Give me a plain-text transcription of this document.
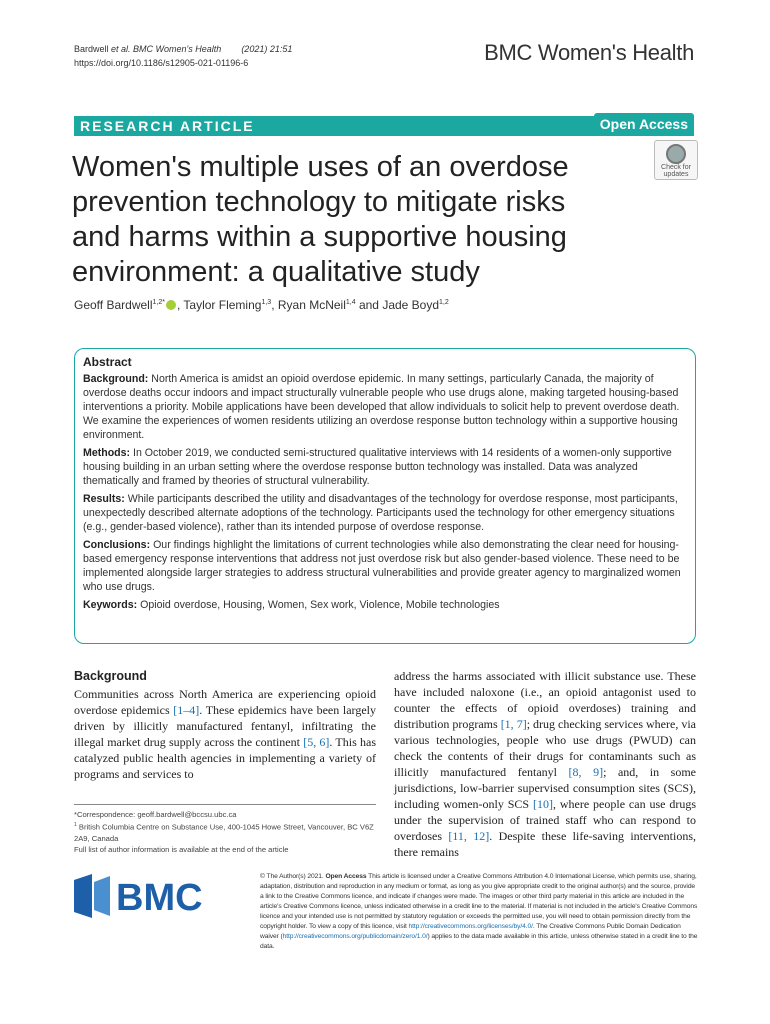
Bardwell et al. BMC Women's Health (2021) 21:51
https://doi.org/10.1186/s12905-021-01196-6	BMC Women's Health
RESEARCH ARTICLE	Open Access
Check for
updates
Women's multiple uses of an overdose prevention technology to mitigate risks and harms within a supportive housing environment: a qualitative study
Geoff Bardwell$^{1,2*}$ , Taylor Fleming$^{1,3}$, Ryan McNeil$^{1,4}$ and Jade Boyd$^{1,2}$
Abstract

Background: North America is amidst an opioid overdose epidemic. In many settings, particularly Canada, the majority of overdose deaths occur indoors and impact structurally vulnerable people who use drugs alone, making targeted housing-based interventions a priority. Mobile applications have been developed that allow individuals to solicit help to prevent overdose death. We examine the experiences of women residents utilizing an overdose response button technology within a supportive housing environment.

Methods: In October 2019, we conducted semi-structured qualitative interviews with 14 residents of a women-only supportive housing building in an urban setting where the overdose response button technology was installed. Data was analyzed thematically and framed by theories of structural vulnerability.

Results: While participants described the utility and disadvantages of the technology for overdose response, most participants, unexpectedly described alternate adoptions of the technology. Participants used the technology for other emergency situations (e.g., gender-based violence), rather than its intended purpose of overdose response.

Conclusions: Our findings highlight the limitations of current technologies while also demonstrating the clear need for housing-based emergency response interventions that address not just overdose risk but also gender-based violence. These need to be implemented alongside larger strategies to address structural vulnerabilities and provide greater agency to marginalized women who use drugs.

Keywords: Opioid overdose, Housing, Women, Sex work, Violence, Mobile technologies

Background

Communities across North America are experiencing opioid overdose epidemics [1–4]. These epidemics have been largely driven by illicitly manufactured fentanyl, infiltrating the illegal market drug supply across the continent [5, 6]. This has catalyzed public health agencies in implementing a variety of programs and services to

address the harms associated with illicit substance use. These have included naloxone (i.e., an opioid antagonist used to counter the effects of opioid overdoses) training and distribution programs [1, 7]; drug checking services where, via various technologies, people who use drugs (PWUD) can check the contents of their drugs for contaminants such as illicitly manufactured fentanyl [8, 9]; and, in some jurisdictions, low-barrier supervised consumption sites (SCS), including women-only SCS [10], where people can use drugs under the supervision of trained staff who can respond to overdoses [11, 12]. Despite these life-saving interventions, there remains

*Correspondence: geoff.bardwell@bccsu.ubc.ca
$^1$ British Columbia Centre on Substance Use, 400-1045 Howe Street, Vancouver, BC V6Z 2A9, Canada
Full list of author information is available at the end of the article
BMC
© The Author(s) 2021. Open Access This article is licensed under a Creative Commons Attribution 4.0 International License, which permits use, sharing, adaptation, distribution and reproduction in any medium or format, as long as you give appropriate credit to the original author(s) and the source, provide a link to the Creative Commons licence, and indicate if changes were made. The images or other third party material in this article are included in the article's Creative Commons licence, unless indicated otherwise in a credit line to the material. If material is not included in the article's Creative Commons licence and your intended use is not permitted by statutory regulation or exceeds the permitted use, you will need to obtain permission directly from the copyright holder. To view a copy of this licence, visit http://creativecommons.org/licenses/by/4.0/. The Creative Commons Public Domain Dedication waiver (http://creativecommons.org/publicdomain/zero/1.0/) applies to the data made available in this article, unless otherwise stated in a credit line to the data.
